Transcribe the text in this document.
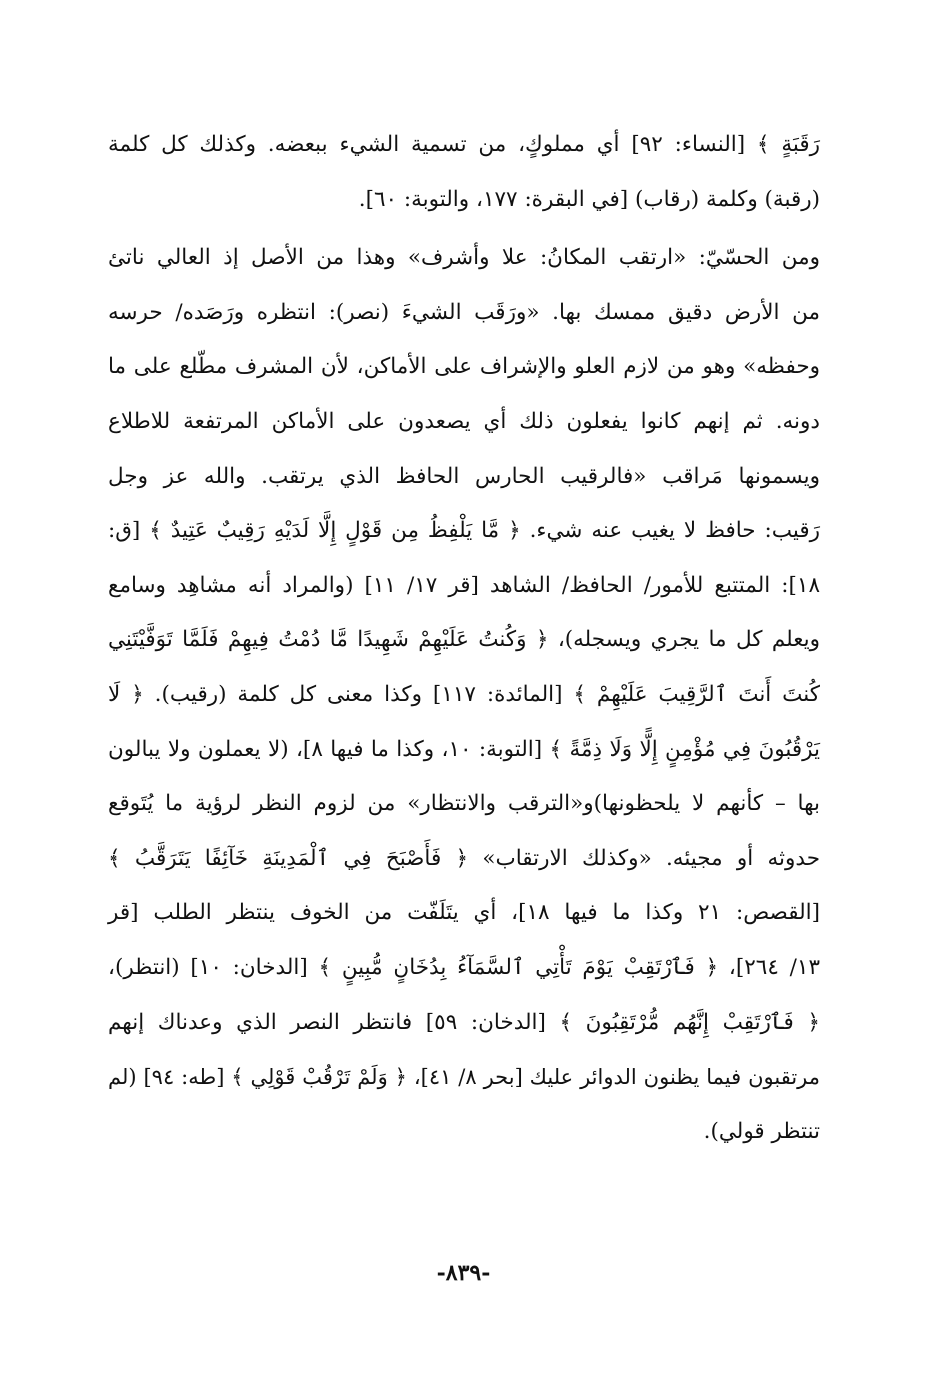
رَقَبَةٍ ﴾ [النساء: ٩٢] أي مملوكٍ، من تسمية الشيء ببعضه. وكذلك كل كلمة
(رقبة) وكلمة (رقاب) [في البقرة: ١٧٧، والتوبة: ٦٠].
ومن الحسّيّ: «ارتقب المكانُ: علا وأشرف» وهذا من الأصل إذ العالي ناتئ
من الأرض دقيق ممسك بها. «ورَقَب الشيءَ (نصر): انتظره ورَصَده/ حرسه
وحفظه» وهو من لازم العلو والإشراف على الأماكن، لأن المشرف مطّلع على ما
دونه. ثم إنهم كانوا يفعلون ذلك أي يصعدون على الأماكن المرتفعة للاطلاع
ويسمونها مَراقب «فالرقيب الحارس الحافظ الذي يرتقب. والله عز وجل
رَقيب: حافظ لا يغيب عنه شيء. ﴿ مَّا يَلْفِظُ مِن قَوْلٍ إِلَّا لَدَيْهِ رَقِيبٌ عَتِيدٌ ﴾ [ق:
١٨]: المتتبع للأمور/ الحافظ/ الشاهد [قر ١٧/ ١١] (والمراد أنه مشاهِد وسامع
ويعلم كل ما يجري ويسجله)، ﴿ وَكُنتُ عَلَيْهِمْ شَهِيدًا مَّا دُمْتُ فِيهِمْ فَلَمَّا تَوَفَّيْتَنِي
كُنتَ أَنتَ ٱلرَّقِيبَ عَلَيْهِمْ ﴾ [المائدة: ١١٧] وكذا معنى كل كلمة (رقيب). ﴿ لَا
يَرْقُبُونَ فِي مُؤْمِنٍ إِلًّا وَلَا ذِمَّةً ﴾ [التوبة: ١٠، وكذا ما فيها ٨]، (لا يعملون ولا يبالون
بها – كأنهم لا يلحظونها)و«الترقب والانتظار» من لزوم النظر لرؤية ما يُتَوقع
حدوثه أو مجيئه. «وكذلك الارتقاب» ﴿ فَأَصْبَحَ فِي ٱلْمَدِينَةِ خَآئِفًا يَتَرَقَّبُ ﴾
[القصص: ٢١ وكذا ما فيها ١٨]، أي يتَلَفّت من الخوف ينتظر الطلب [قر
١٣/ ٢٦٤]، ﴿ فَٱرْتَقِبْ يَوْمَ تَأْتِي ٱلسَّمَآءُ بِدُخَانٍ مُّبِينٍ ﴾ [الدخان: ١٠] (انتظر)،
﴿ فَٱرْتَقِبْ إِنَّهُم مُّرْتَقِبُونَ ﴾ [الدخان: ٥٩] فانتظر النصر الذي وعدناك إنهم
مرتقبون فيما يظنون الدوائر عليك [بحر ٨/ ٤١]، ﴿ وَلَمْ تَرْقُبْ قَوْلِي ﴾ [طه: ٩٤] (لم
تنتظر قولي).
-٨٣٩-
